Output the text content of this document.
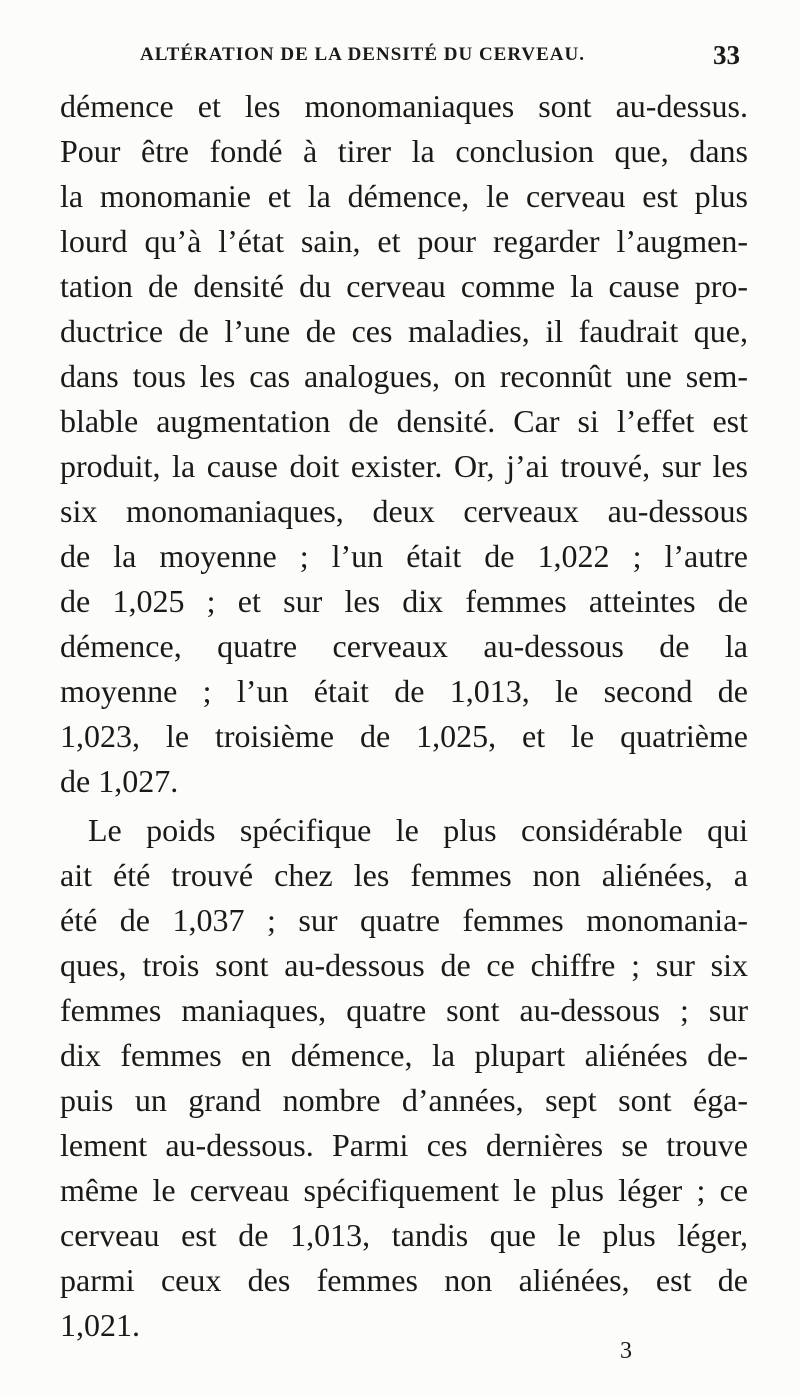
ALTÉRATION DE LA DENSITÉ DU CERVEAU.	33
démence et les monomaniaques sont au-dessus.
Pour être fondé à tirer la conclusion que, dans
la monomanie et la démence, le cerveau est plus
lourd qu’à l’état sain, et pour regarder l’augmen-
tation de densité du cerveau comme la cause pro-
ductrice de l’une de ces maladies, il faudrait que,
dans tous les cas analogues, on reconnût une sem-
blable augmentation de densité. Car si l’effet est
produit, la cause doit exister. Or, j’ai trouvé, sur les
six monomaniaques, deux cerveaux au-dessous
de la moyenne ; l’un était de 1,022 ; l’autre
de 1,025 ; et sur les dix femmes atteintes de
démence, quatre cerveaux au-dessous de la
moyenne ; l’un était de 1,013, le second de
1,023, le troisième de 1,025, et le quatrième
de 1,027.
Le poids spécifique le plus considérable qui
ait été trouvé chez les femmes non aliénées, a
été de 1,037 ; sur quatre femmes monomania-
ques, trois sont au-dessous de ce chiffre ; sur six
femmes maniaques, quatre sont au-dessous ; sur
dix femmes en démence, la plupart aliénées de-
puis un grand nombre d’années, sept sont éga-
lement au-dessous. Parmi ces dernières se trouve
même le cerveau spécifiquement le plus léger ; ce
cerveau est de 1,013, tandis que le plus léger,
parmi ceux des femmes non aliénées, est de
1,021.
3
